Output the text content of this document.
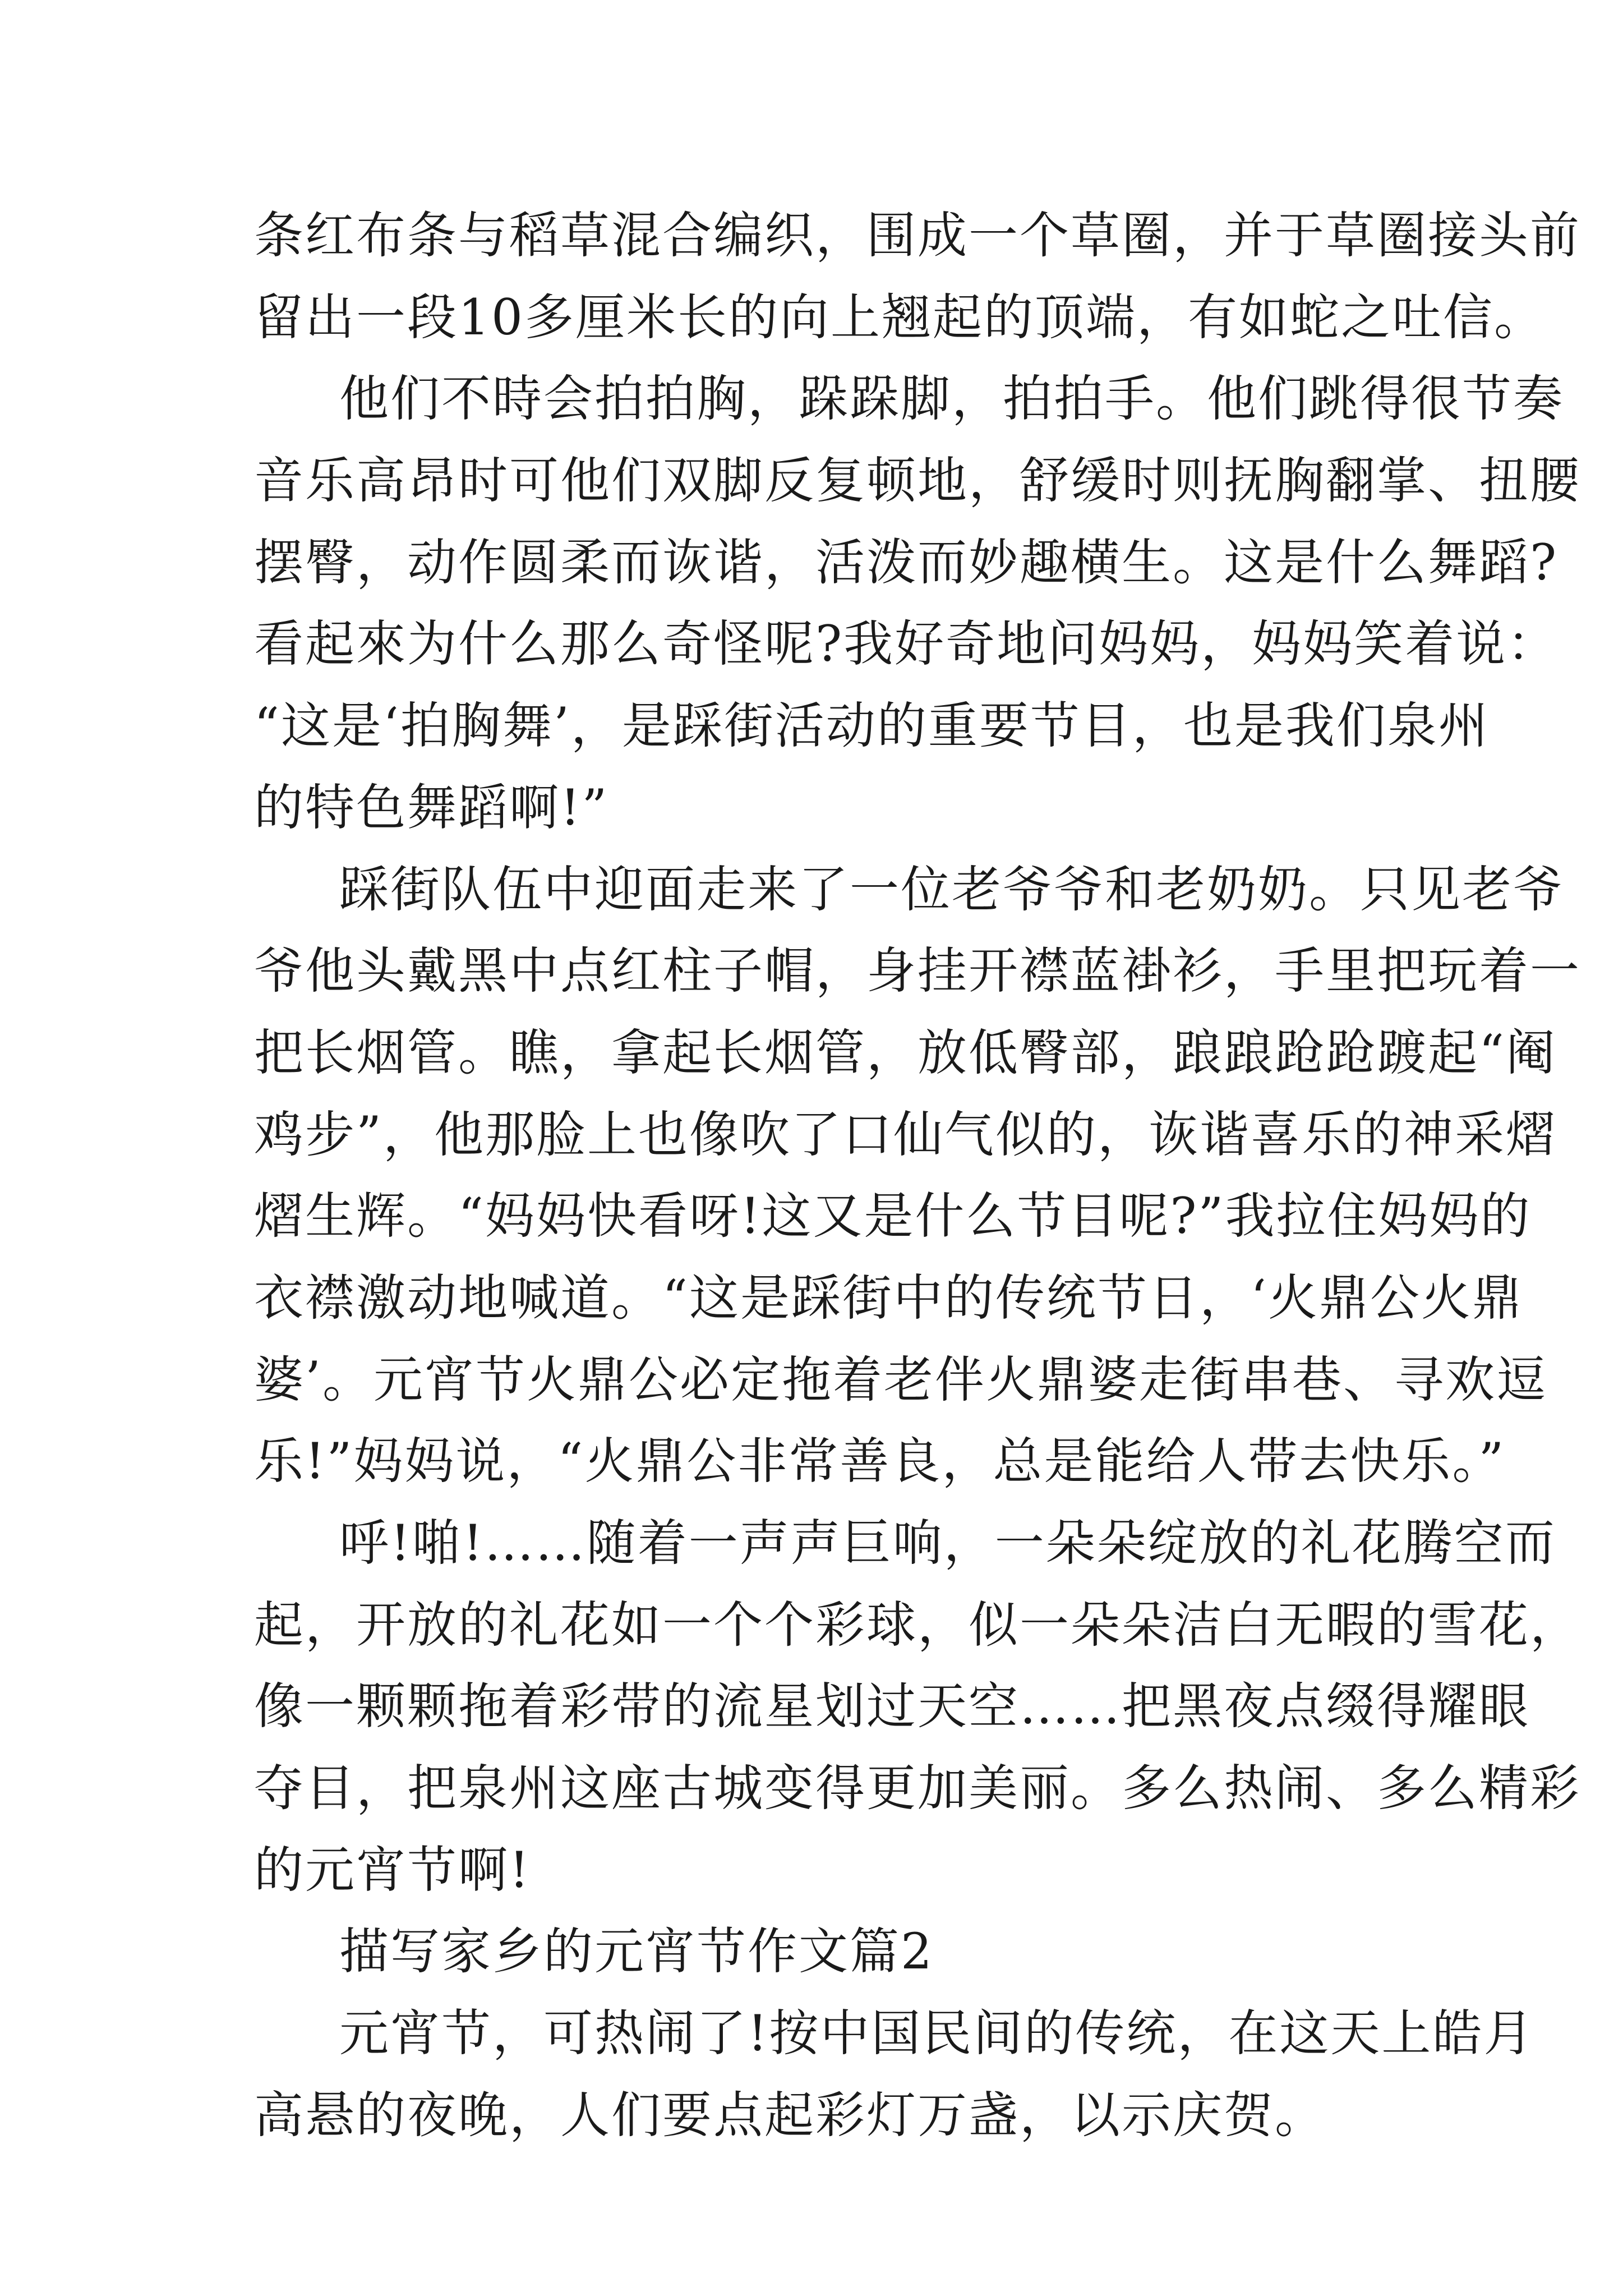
条红布条与稻草混合编织，围成一个草圈，并于草圈接头前
留出一段10多厘米长的向上翘起的顶端，有如蛇之吐信。
他们不時会拍拍胸，跺跺脚，拍拍手。他们跳得很节奏
音乐高昂时可他们双脚反复顿地，舒缓时则抚胸翻掌、扭腰
摆臀，动作圆柔而诙谐，活泼而妙趣横生。这是什么舞蹈?
看起來为什么那么奇怪呢?我好奇地问妈妈，妈妈笑着说：
“这是‘拍胸舞’，是踩街活动的重要节目，也是我们泉州
的特色舞蹈啊!”
踩街队伍中迎面走来了一位老爷爷和老奶奶。只见老爷
爷他头戴黑中点红柱子帽，身挂开襟蓝褂衫，手里把玩着一
把长烟管。瞧，拿起长烟管，放低臀部，踉踉跄跄踱起“阉
鸡步”，他那脸上也像吹了口仙气似的，诙谐喜乐的神采熠
熠生辉。“妈妈快看呀!这又是什么节目呢?”我拉住妈妈的
衣襟激动地喊道。“这是踩街中的传统节日，‘火鼎公火鼎
婆’。元宵节火鼎公必定拖着老伴火鼎婆走街串巷、寻欢逗
乐!”妈妈说，“火鼎公非常善良，总是能给人带去快乐。”
呼!啪!……随着一声声巨响，一朵朵绽放的礼花腾空而
起，开放的礼花如一个个彩球，似一朵朵洁白无暇的雪花，
像一颗颗拖着彩带的流星划过天空……把黑夜点缀得耀眼
夺目，把泉州这座古城变得更加美丽。多么热闹、多么精彩
的元宵节啊!
描写家乡的元宵节作文篇2
元宵节，可热闹了!按中国民间的传统，在这天上皓月
高悬的夜晚，人们要点起彩灯万盏，以示庆贺。
